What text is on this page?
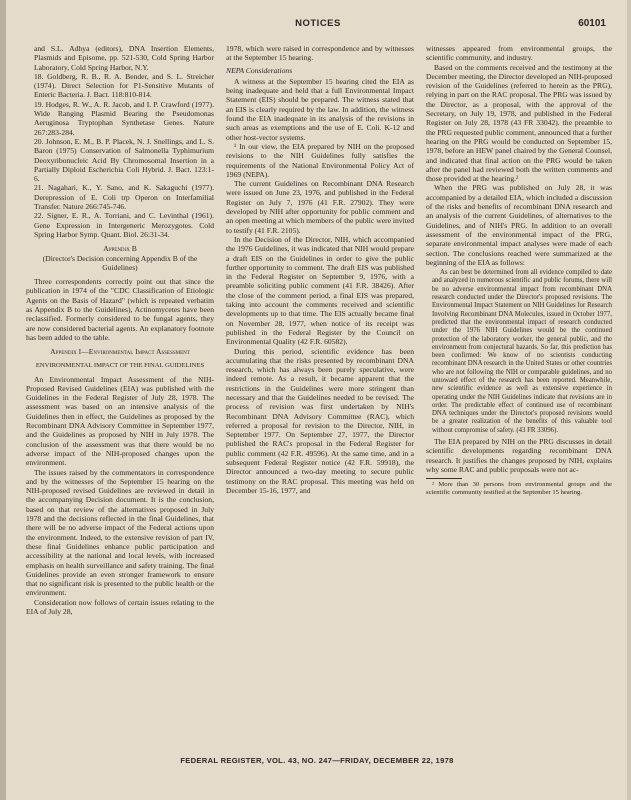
NOTICES	60101

and S.L. Adhya (editors), DNA Insertion Elements, Plasmids and Episome, pp. 521-530, Cold Spring Harbor Laboratory, Cold Spring Harbor, N.Y.

18. Goldberg, R. B., R. A. Bender, and S. L. Streicher (1974). Direct Selection for P1-Sensitive Mutants of Enteric Bacteria. J. Bact. 118:810-814.

19. Hodges, R. W., A. R. Jacob, and I. P. Crawford (1977). Wide Ranging Plasmid Bearing the Pseudomonas Aeruginosa Tryptophan Synthetase Genes. Nature 267:283-284.

20. Johnson, E. M., B. P. Placek, N. J. Snellings, and L. S. Baron (1975) Conservation of Salmonella Typhimurium Deoxyribonucleic Acid By Chromosomal Insertion in a Partially Diploid Escherichia Coli Hybrid. J. Bact. 123:1-6.

21. Nagahari, K., Y. Sano, and K. Sakaguchi (1977). Derepression of E. Coli trp Operon on Interfamilial Transfer. Nature 266:745-746.

22. Signer, E. R., A. Torriani, and C. Levinthal (1961). Gene Expression in Intergeneric Merozygotes. Cold Spring Harbor Symp. Quant. Biol. 26:31-34.

Appendix B

(Director's Decision concerning Appendix B of the Guidelines)

Three correspondents correctly point out that since the publication in 1974 of the "CDC Classification of Etiologic Agents on the Basis of Hazard" (which is repeated verbatim as Appendix B to the Guidelines), Actinomycetes have been reclassified. Formerly considered to be fungal agents, they are now considered bacterial agents. An explanatory footnote has been added to the table.

Appendix I—Environmental Impact Assessment

ENVIRONMENTAL IMPACT OF THE FINAL GUIDELINES

An Environmental Impact Assessment of the NIH-Proposed Revised Guidelines (EIA) was published with the Guidelines in the Federal Register of July 28, 1978. The assessment was based on an intensive analysis of the Guidelines then in effect, the Guidelines as proposed by the Recombinant DNA Advisory Committee in September 1977, and the Guidelines as proposed by NIH in July 1978. The conclusion of the assessment was that there would be no adverse impact of the NIH-proposed changes upon the environment.

The issues raised by the commentators in correspondence and by the witnesses of the September 15 hearing on the NIH-proposed revised Guidelines are reviewed in detail in the accompanying Decision document. It is the conclusion, based on that review of the alternatives proposed in July 1978 and the decisions reflected in the final Guidelines, that there will be no adverse impact of the Federal actions upon the environment. Indeed, to the extensive revision of part IV, these final Guidelines enhance public participation and accessibility at the national and local levels, with increased emphasis on health surveillance and safety training. The final Guidelines provide an even stronger framework to ensure that no significant risk is presented to the public health or the environment.

Consideration now follows of certain issues relating to the EIA of July 28,

1978, which were raised in correspondence and by witnesses at the September 15 hearing.

NEPA Considerations

A witness at the September 15 hearing cited the EIA as being inadequate and held that a full Environmental Impact Statement (EIS) should be prepared. The witness stated that an EIS is clearly required by the law. In addition, the witness found the EIA inadequate in its analysis of the revisions in such areas as exemptions and the use of E. Coli. K-12 and other host-vector systems.

¹ In our view, the EIA prepared by NIH on the proposed revisions to the NIH Guidelines fully satisfies the requirements of the National Environmental Policy Act of 1969 (NEPA).

The current Guidelines on Recombinant DNA Research were issued on June 23, 1976, and published in the Federal Register on July 7, 1976 (41 F.R. 27902). They were developed by NIH after opportunity for public comment and an open meeting at which members of the public were invited to testify (41 F.R. 2105).

In the Decision of the Director, NIH, which accompanied the 1976 Guidelines, it was indicated that NIH would prepare a draft EIS on the Guidelines in order to give the public further opportunity to comment. The draft EIS was published in the Federal Register on September 9, 1976, with a preamble soliciting public comment (41 F.R. 38426). After the close of the comment period, a final EIS was prepared, taking into account the comments received and scientific developments up to that time. The EIS actually became final on November 28, 1977, when notice of its receipt was published in the Federal Register by the Council on Environmental Quality (42 F.R. 60582).

During this period, scientific evidence has been accumulating that the risks presented by recombinant DNA research, which has always been purely speculative, were indeed remote. As a result, it became apparent that the restrictions in the Guidelines were more stringent than necessary and that the Guidelines needed to be revised. The process of revision was first undertaken by NIH's Recombinant DNA Advisory Committee (RAC), which referred a proposal for revision to the Director, NIH, in September 1977. On September 27, 1977, the Director published the RAC's proposal in the Federal Register for public comment (42 F.R. 49596). At the same time, and in a subsequent Federal Register notice (42 F.R. 59918), the Director announced a two-day meeting to secure public testimony on the RAC proposal. This meeting was held on December 15-16, 1977, and

witnesses appeared from environmental groups, the scientific community, and industry.

Based on the comments received and the testimony at the December meeting, the Director developed an NIH-proposed revision of the Guidelines (referred to herein as the PRG), relying in part on the RAC proposal. The PRG was issued by the Director, as a proposal, with the approval of the Secretary, on July 19, 1978, and published in the Federal Register on July 28, 1978 (43 FR 33042). the preamble to the PRG requested public comment, announced that a further hearing on the PRG would be conducted on September 15, 1978, before an HEW panel chaired by the General Counsel, and indicated that final action on the PRG would be taken after the panel had reviewed both the written comments and those provided at the hearing.²

When the PRG was published on July 28, it was accompanied by a detailed EIA, which included a discussion of the risks and benefits of recombinant DNA research and an analysis of the current Guidelines, of alternatives to the Guidelines, and of NIH's PRG. In addition to an overall assessment of the environmental impact of the PRG, separate environmental impact analyses were made of each section. The conclusions reached were summarized at the beginning of the EIA as follows:

As can best be determined from all evidence compiled to date and analyzed in numerous scientific and public forums, there will be no adverse environmental impact from recombinant DNA research conducted under the Director's proposed revisions. The Environmental Impact Statement on NIH Guidelines for Research Involving Recombinant DNA Molecules, issued in October 1977, predicted that the environmental impact of research conducted under the 1976 NIH Guidelines would be the continued protection of the laboratory worker, the general public, and the environment from conjectural hazards. So far, this prediction has been confirmed: We know of no scientists conducting recombinant DNA research in the United States or other countries who are not following the NIH or comparable guidelines, and no untoward effect of the research has been reported. Meanwhile, new scientific evidence as well as extensive experience in operating under the NIH Guidelines indicate that revisions are in order. The predictable effect of continued use of recombinant DNA techniques under the Director's proposed revisions would be a greater realization of the benefits of this valuable tool without compromise of safety. (43 FR 33096).

The EIA prepared by NIH on the PRG discusses in detail scientific developments regarding recombinant DNA research. It justifies the changes proposed by NIH, explains why some RAC and public proposals were not ac-

² More than 30 persons from environmental groups and the scientific community testified at the September 15 hearing.

FEDERAL REGISTER, VOL. 43, NO. 247—FRIDAY, DECEMBER 22, 1978
